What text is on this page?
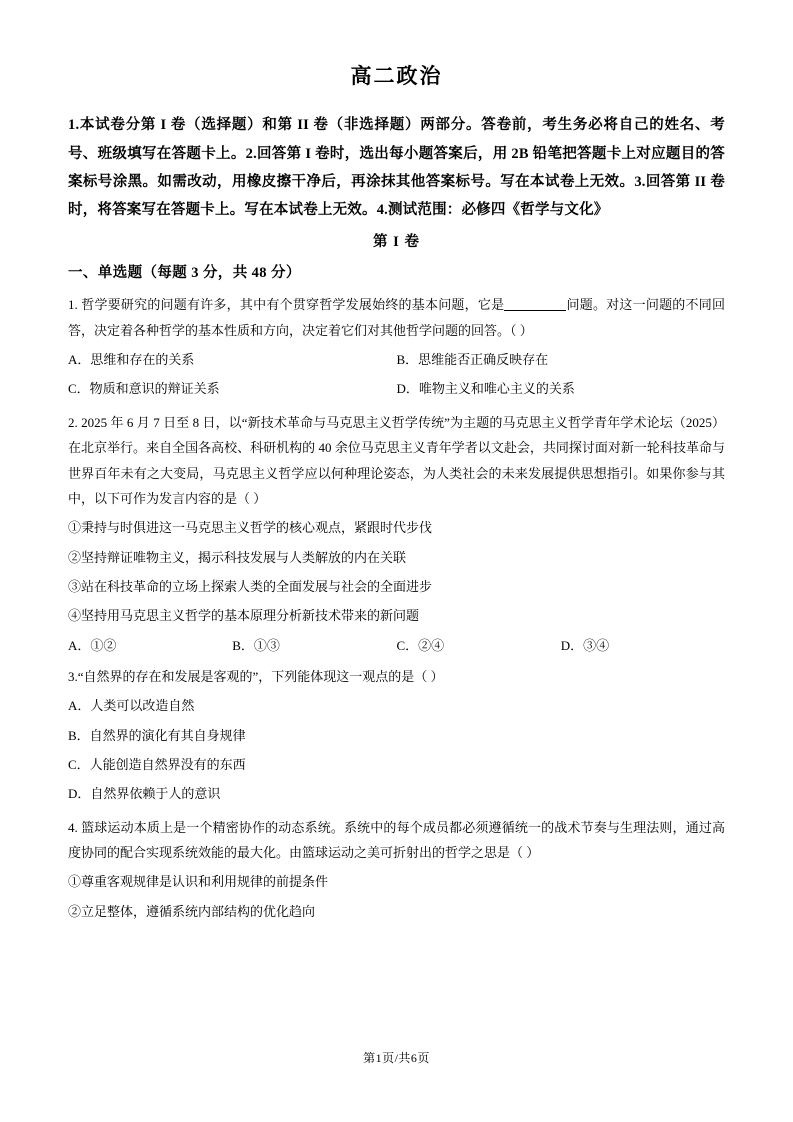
高二政治
1.本试卷分第 I 卷（选择题）和第 II 卷（非选择题）两部分。答卷前，考生务必将自己的姓名、考号、班级填写在答题卡上。2.回答第 I 卷时，选出每小题答案后，用 2B 铅笔把答题卡上对应题目的答案标号涂黑。如需改动，用橡皮擦干净后，再涂抹其他答案标号。写在本试卷上无效。3.回答第 II 卷时，将答案写在答题卡上。写在本试卷上无效。4.测试范围：必修四《哲学与文化》
第 I 卷
一、单选题（每题 3 分，共 48 分）
1. 哲学要研究的问题有许多，其中有个贯穿哲学发展始终的基本问题，它是	问题。对这一问题的不同回答，决定着各种哲学的基本性质和方向，决定着它们对其他哲学问题的回答。（ ）
A．思维和存在的关系	B．思维能否正确反映存在
C．物质和意识的辩证关系	D．唯物主义和唯心主义的关系
2. 2025 年 6 月 7 日至 8 日，以“新技术革命与马克思主义哲学传统”为主题的马克思主义哲学青年学术论坛（2025）在北京举行。来自全国各高校、科研机构的 40 余位马克思主义青年学者以文赴会，共同探讨面对新一轮科技革命与世界百年未有之大变局，马克思主义哲学应以何种理论姿态，为人类社会的未来发展提供思想指引。如果你参与其中，以下可作为发言内容的是（ ）
①秉持与时俱进这一马克思主义哲学的核心观点，紧跟时代步伐
②坚持辩证唯物主义，揭示科技发展与人类解放的内在关联
③站在科技革命的立场上探索人类的全面发展与社会的全面进步
④坚持用马克思主义哲学的基本原理分析新技术带来的新问题
A．①②	B．①③	C．②④	D．③④
3.“自然界的存在和发展是客观的”，下列能体现这一观点的是（ ）
A．人类可以改造自然
B．自然界的演化有其自身规律
C．人能创造自然界没有的东西
D．自然界依赖于人的意识
4. 篮球运动本质上是一个精密协作的动态系统。系统中的每个成员都必须遵循统一的战术节奏与生理法则，通过高度协同的配合实现系统效能的最大化。由篮球运动之美可折射出的哲学之思是（ ）
①尊重客观规律是认识和利用规律的前提条件
②立足整体，遵循系统内部结构的优化趋向
第1页/共6页
